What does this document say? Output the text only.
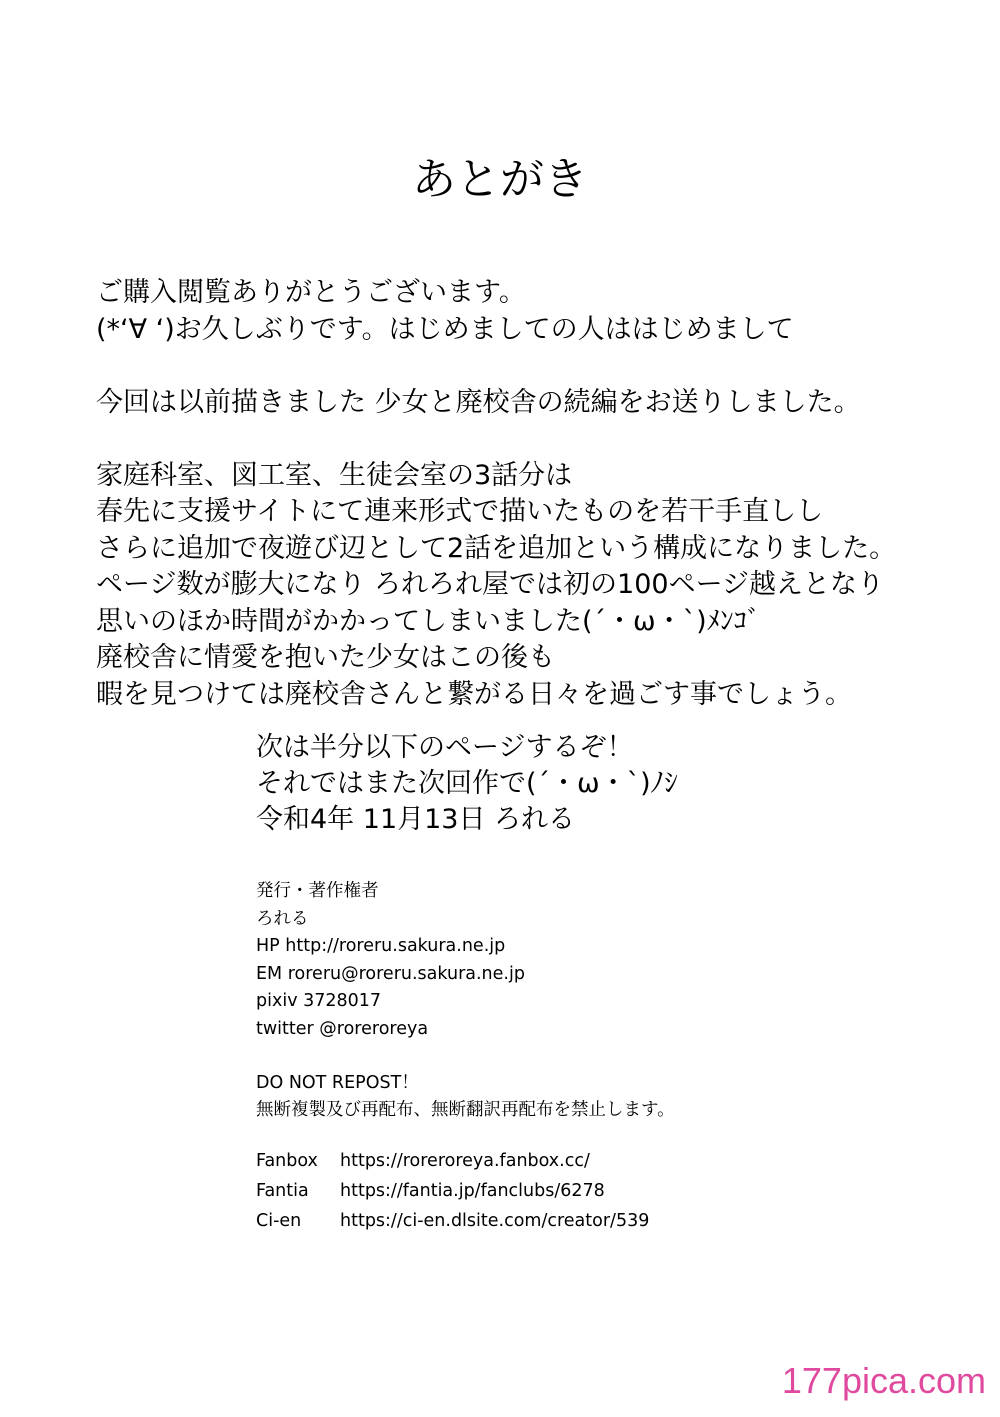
あとがき
ご購入閲覧ありがとうございます。
(*‘∀ ‘)お久しぶりです。はじめましての人ははじめまして
今回は以前描きました 少女と廃校舎の続編をお送りしました。
家庭科室、図工室、生徒会室の3話分は
春先に支援サイトにて連来形式で描いたものを若干手直しし
さらに追加で夜遊び辺として2話を追加という構成になりました。
ページ数が膨大になり ろれろれ屋では初の100ページ越えとなり
思いのほか時間がかかってしまいました(´・ω・`)ﾒﾝｺﾞ
廃校舎に情愛を抱いた少女はこの後も
暇を見つけては廃校舎さんと繋がる日々を過ごす事でしょう。
次は半分以下のページするぞ！
それではまた次回作で(´・ω・`)ﾉｼ
令和4年 11月13日 ろれる
発行・著作権者
ろれる
HP http://roreru.sakura.ne.jp
EM roreru@roreru.sakura.ne.jp
pixiv 3728017
twitter @roreroreya
DO NOT REPOST！
無断複製及び再配布、無断翻訳再配布を禁止します。
Fanbox	https://roreroreya.fanbox.cc/
Fantia	https://fantia.jp/fanclubs/6278
Ci-en	https://ci-en.dlsite.com/creator/539
177pica.com
